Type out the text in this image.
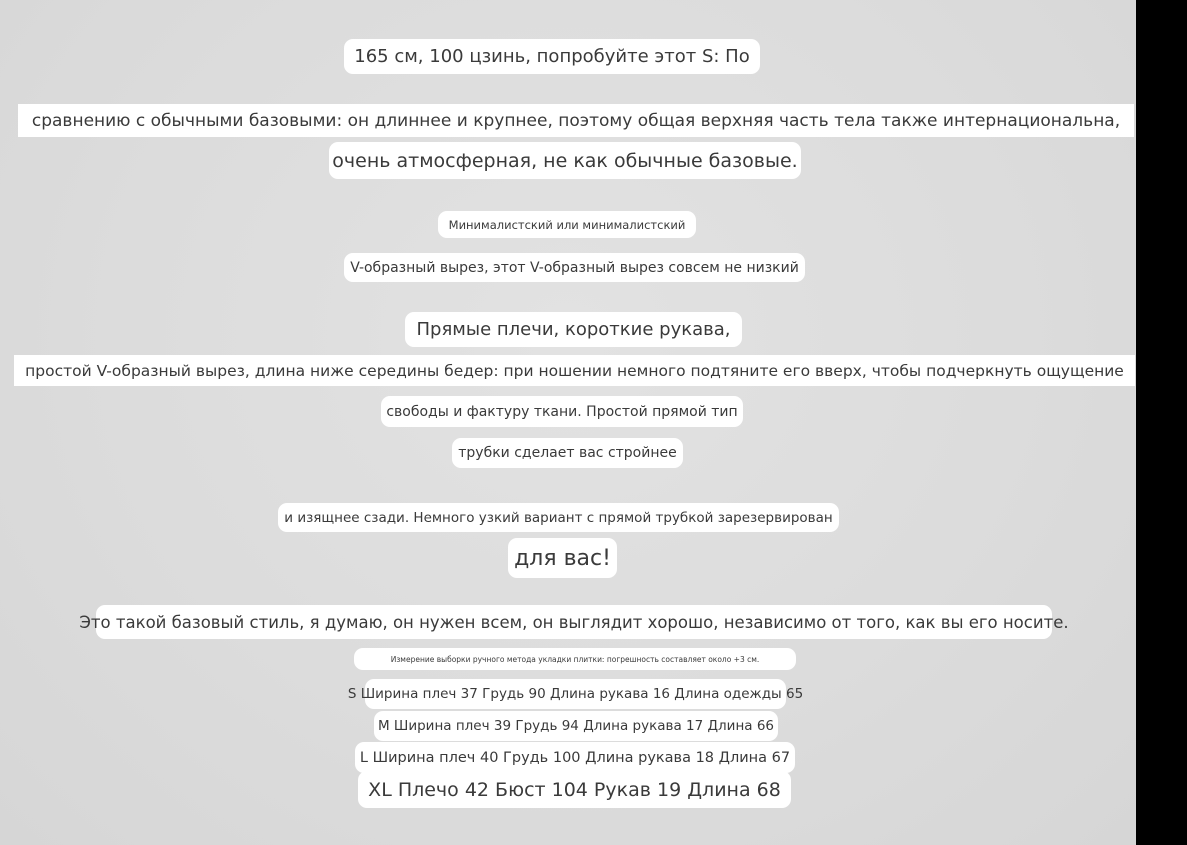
165 см, 100 цзинь, попробуйте этот S: По
сравнению с обычными базовыми: он длиннее и крупнее, поэтому общая верхняя часть тела также интернациональна,
очень атмосферная, не как обычные базовые.
Минималистский или минималистский
V-образный вырез, этот V-образный вырез совсем не низкий
Прямые плечи, короткие рукава,
простой V-образный вырез, длина ниже середины бедер: при ношении немного подтяните его вверх, чтобы подчеркнуть ощущение
свободы и фактуру ткани. Простой прямой тип
трубки сделает вас стройнее
и изящнее сзади. Немного узкий вариант с прямой трубкой зарезервирован
для вас!
Это такой базовый стиль, я думаю, он нужен всем, он выглядит хорошо, независимо от того, как вы его носите.
Измерение выборки ручного метода укладки плитки: погрешность составляет около +3 см.
S Ширина плеч 37 Грудь 90 Длина рукава 16 Длина одежды 65
M Ширина плеч 39 Грудь 94 Длина рукава 17 Длина 66
L Ширина плеч 40 Грудь 100 Длина рукава 18 Длина 67
XL Плечо 42 Бюст 104 Рукав 19 Длина 68
